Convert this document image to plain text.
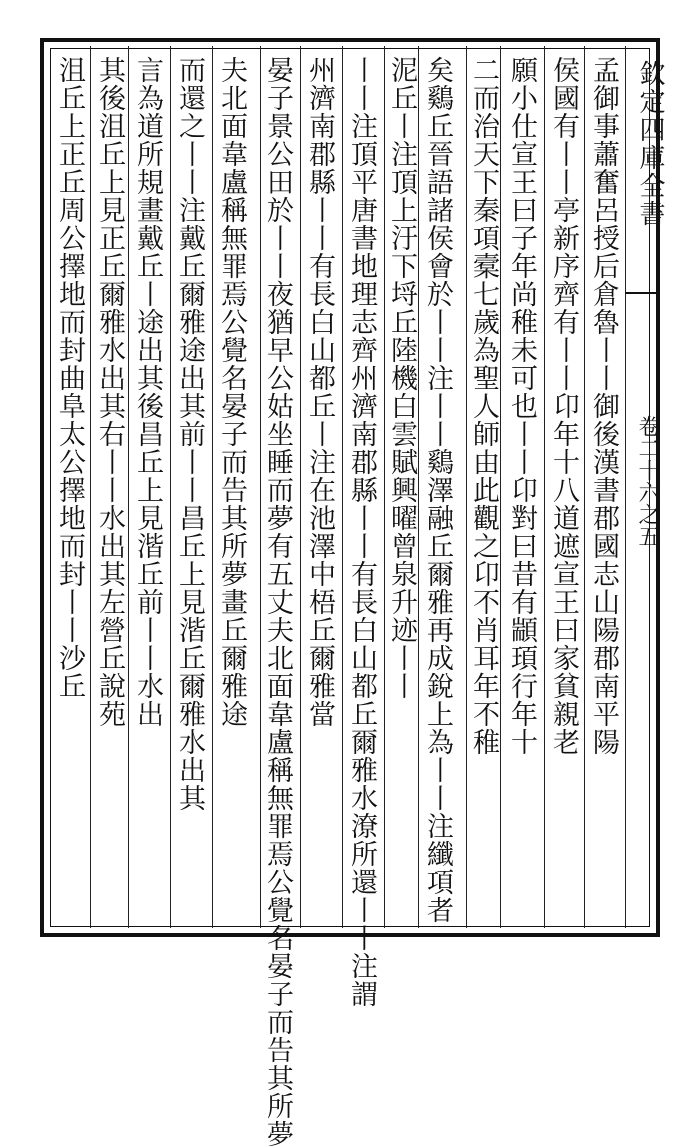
欽定四庫全書
卷二十六之五
孟御事蕭奮呂授后倉魯丨丨御後漢書郡國志山陽郡南平陽
侯國有丨丨亭新序齊有丨丨卬年十八道遮宣王曰家貧親老
願小仕宣王曰子年尚稚未可也丨丨卬對曰昔有顓頊行年十
二而治天下秦項槖七歲為聖人師由此觀之卬不肖耳年不稚
矣鷄丘晉語諸侯會於丨丨注丨丨鷄澤融丘爾雅再成銳上為丨丨注纖項者
泥丘丨注頂上汙下埒丘陸機白雲賦興曜曾泉升迹丨丨
丨丨注頂平唐書地理志齊州濟南郡縣丨丨有長白山都丘爾雅水潦所還丨丨注謂
州濟南郡縣丨丨有長白山都丘丨注在池澤中梧丘爾雅當
晏子景公田於丨丨夜猶早公姑坐睡而夢有五丈夫北面韋盧稱無罪焉公覺名晏子而告其所夢
夫北面韋盧稱無罪焉公覺名晏子而告其所夢畫丘爾雅途
而還之丨丨注戴丘爾雅途出其前丨丨昌丘上見湝丘爾雅水出其
言為道所規畫戴丘丨途出其後昌丘上見湝丘前丨丨水出
其後沮丘上見正丘爾雅水出其右丨丨水出其左營丘說苑
沮丘上正丘周公擇地而封曲阜太公擇地而封丨丨沙丘
